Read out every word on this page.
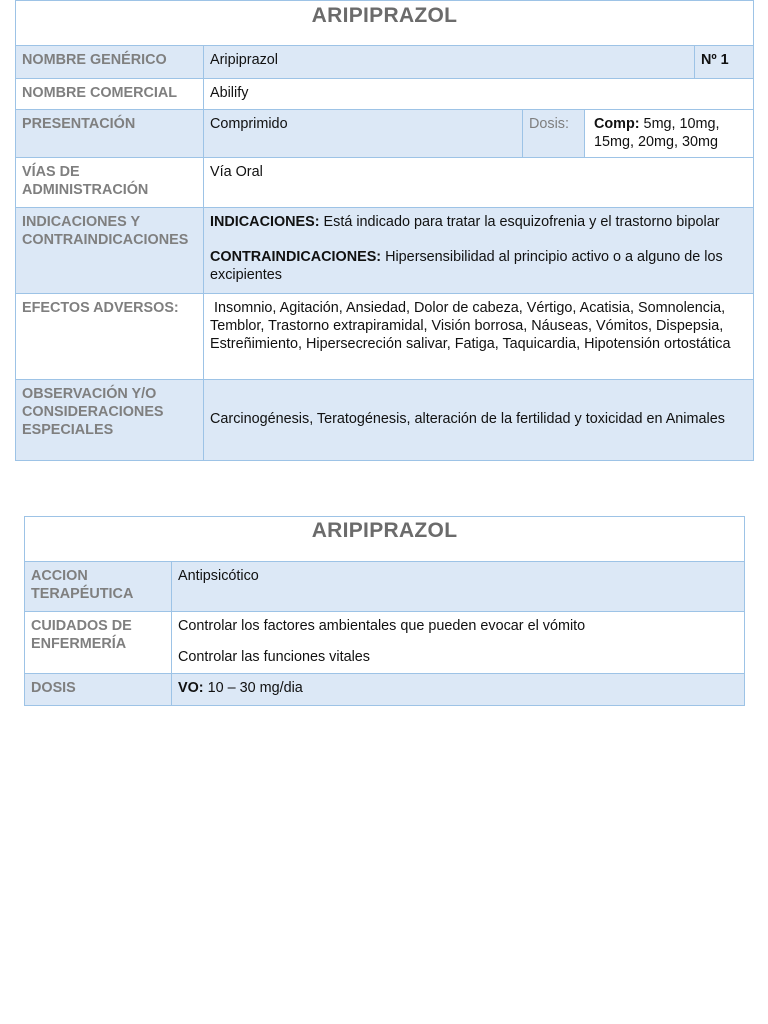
ARIPIPRAZOL				
NOMBRE GENÉRICO	Aripiprazol			Nº 1
NOMBRE COMERCIAL	Abilify			
PRESENTACIÓN	Comprimido	Dosis:	Comp: 5mg, 10mg, 15mg, 20mg, 30mg	
VÍAS DE ADMINISTRACIÓN	Vía Oral			
INDICACIONES Y CONTRAINDICACIONES	INDICACIONES: Está indicado para tratar la esquizofrenia y el trastorno bipolar
CONTRAINDICACIONES: Hipersensibilidad al principio activo o a alguno de los excipientes			

EFECTOS ADVERSOS:	Insomnio, Agitación, Ansiedad, Dolor de cabeza, Vértigo, Acatisia, Somnolencia, Temblor, Trastorno extrapiramidal, Visión borrosa, Náuseas, Vómitos, Dispepsia, Estreñimiento, Hipersecreción salivar, Fatiga, Taquicardia, Hipotensión ortostática			
OBSERVACIÓN Y/O CONSIDERACIONES ESPECIALES	Carcinogénesis, Teratogénesis, alteración de la fertilidad y toxicidad en Animales			
ARIPIPRAZOL	
ACCION TERAPÉUTICA	Antipsicótico
CUIDADOS DE ENFERMERÍA	Controlar los factores ambientales que pueden evocar el vómito
Controlar las funciones vitales

DOSIS	VO: 10 – 30 mg/dia
